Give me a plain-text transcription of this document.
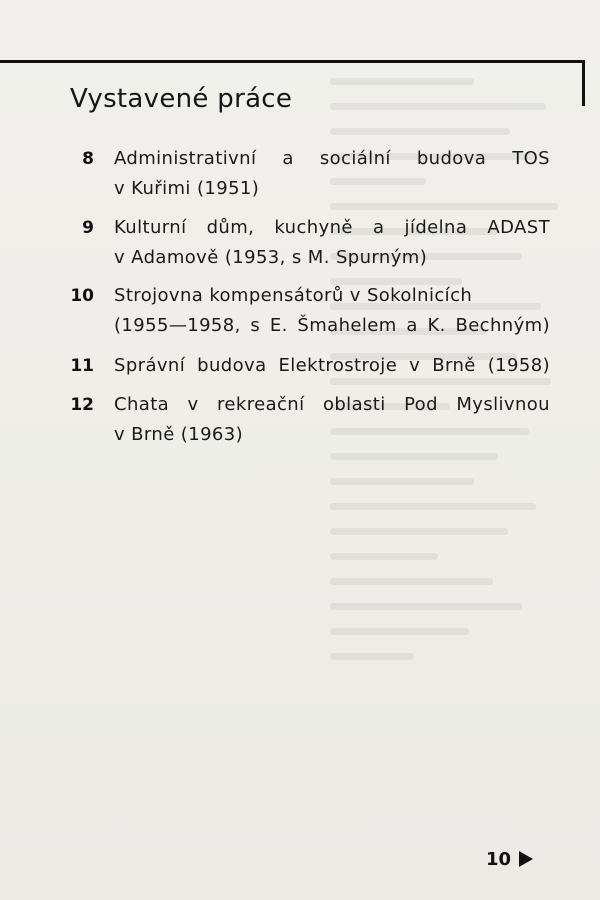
Vystavené práce
8 Administrativní a sociální budova TOS
v Kuřimi (1951)
9 Kulturní dům, kuchyně a jídelna ADAST
v Adamově (1953, s M. Spurným)
10 Strojovna kompensátorů v Sokolnicích
(1955—1958, s E. Šmahelem a K. Bechným)
11 Správní budova Elektrostroje v Brně (1958)
12 Chata v rekreační oblasti Pod Myslivnou
v Brně (1963)
10
